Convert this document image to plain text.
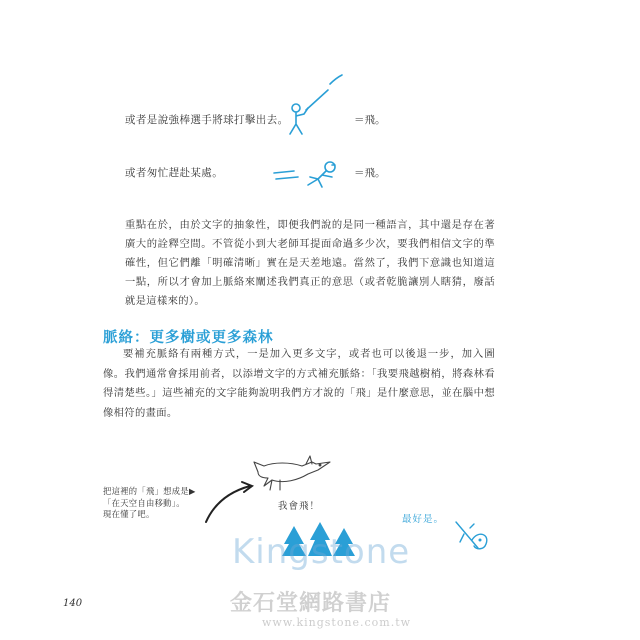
或者是說強棒選手將球打擊出去。	＝飛。
或者匆忙趕赴某處。	＝飛。
重點在於，由於文字的抽象性，即便我們說的是同一種語言，其中還是存在著廣大的詮釋空間。不管從小到大老師耳提面命過多少次，要我們相信文字的準確性，但它們離「明確清晰」實在是天差地遠。當然了，我們下意識也知道這一點，所以才會加上脈絡來闡述我們真正的意思（或者乾脆讓別人瞎猜，廢話就是這樣來的）。
脈絡：更多樹或更多森林
要補充脈絡有兩種方式，一是加入更多文字，或者也可以後退一步，加入圖像。我們通常會採用前者，以添增文字的方式補充脈絡：「我要飛越樹梢，將森林看得清楚些。」這些補充的文字能夠說明我們方才說的「飛」是什麼意思，並在腦中想像相符的畫面。
把這裡的「飛」想成是▶
「在天空自由移動」。
現在懂了吧。
我會飛！
最好是。
Kingstone
金石堂網路書店
www.kingstone.com.tw
140
